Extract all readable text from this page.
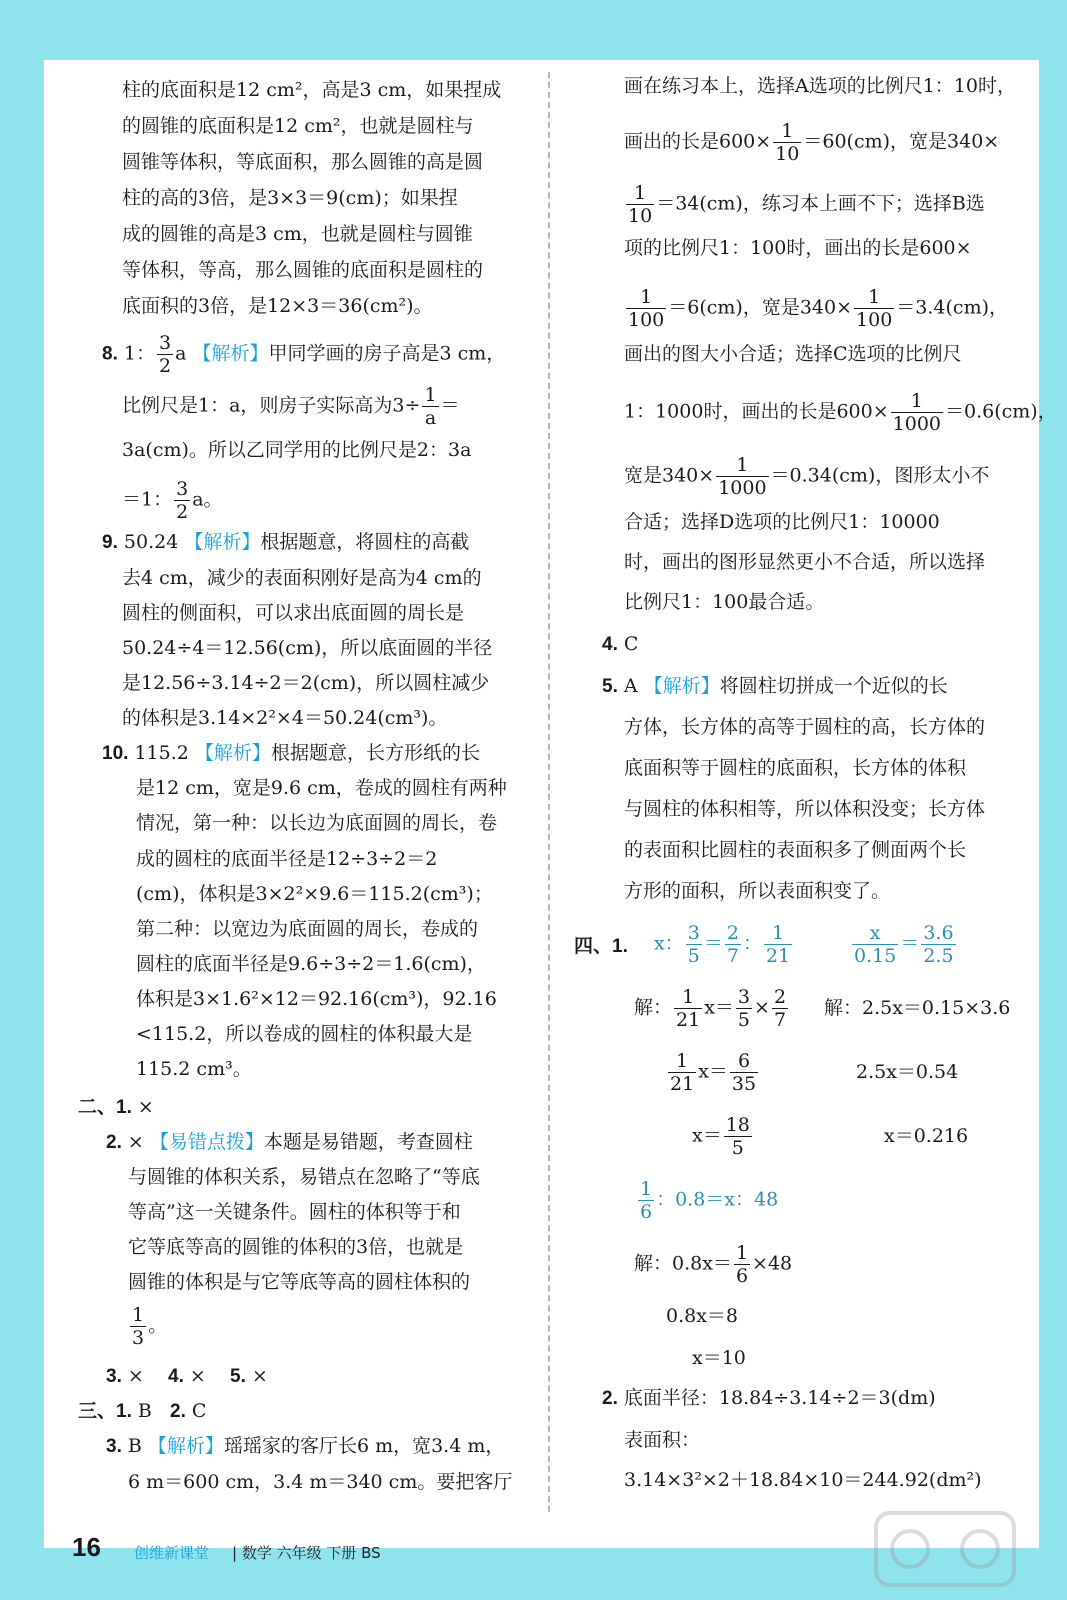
柱的底面积是12 cm²，高是3 cm，如果捏成
的圆锥的底面积是12 cm²，也就是圆柱与
圆锥等体积，等底面积，那么圆锥的高是圆
柱的高的3倍，是3×3＝9(cm)；如果捏
成的圆锥的高是3 cm，也就是圆柱与圆锥
等体积，等高，那么圆锥的底面积是圆柱的
底面积的3倍，是12×3＝36(cm²)。
8. 1： $\frac{3}{2}$ a 【解析】甲同学画的房子高是3 cm，
比例尺是1：a，则房子实际高为$3\div \frac{1}{a}$ ＝
3a(cm)。所以乙同学用的比例尺是2：3a
＝1： $\frac{3}{2}$ a。
9. 50.24 【解析】根据题意，将圆柱的高截
去4 cm，减少的表面积刚好是高为4 cm的
圆柱的侧面积，可以求出底面圆的周长是
50.24÷4＝12.56(cm)，所以底面圆的半径
是12.56÷3.14÷2＝2(cm)，所以圆柱减少
的体积是3.14×2²×4＝50.24(cm³)。
10. 115.2 【解析】根据题意，长方形纸的长
是12 cm，宽是9.6 cm，卷成的圆柱有两种
情况，第一种：以长边为底面圆的周长，卷
成的圆柱的底面半径是12÷3÷2＝2
(cm)，体积是3×2²×9.6＝115.2(cm³)；
第二种：以宽边为底面圆的周长，卷成的
圆柱的底面半径是9.6÷3÷2＝1.6(cm)，
体积是3×1.6²×12＝92.16(cm³)，92.16
<115.2，所以卷成的圆柱的体积最大是
115.2 cm³。
二、1. ×
2. × 【易错点拨】本题是易错题，考查圆柱
与圆锥的体积关系，易错点在忽略了“等底
等高”这一关键条件。圆柱的体积等于和
它等底等高的圆锥的体积的3倍，也就是
圆锥的体积是与它等底等高的圆柱体积的
$\frac{1}{3}$ 。
3. × 4. × 5. ×
三、1. B 2. C
3. B 【解析】瑶瑶家的客厅长6 m，宽3.4 m，
6 m＝600 cm，3.4 m＝340 cm。要把客厅
画在练习本上，选择A选项的比例尺1：10时，
画出的长是$600\times \frac{1}{10} =60(cm)$，宽是340×
$\frac{1}{10} =34(cm)$，练习本上画不下；选择B选
项的比例尺1：100时，画出的长是600×
$\frac{1}{100} =6(cm)$，宽是$340\times \frac{1}{100} =3.4(cm)$，
画出的图大小合适；选择C选项的比例尺
1：1000时，画出的长是$600\times \frac{1}{1000} =0.6(cm)$，
宽是$340\times \frac{1}{1000} =0.34(cm)$，图形太小不
合适；选择D选项的比例尺1：10000
时，画出的图形显然更小不合适，所以选择
比例尺1：100最合适。
4. C
5. A 【解析】将圆柱切拼成一个近似的长
方体，长方体的高等于圆柱的高，长方体的
底面积等于圆柱的底面积，长方体的体积
与圆柱的体积相等，所以体积没变；长方体
的表面积比圆柱的表面积多了侧面两个长
方形的面积，所以表面积变了。
四、1. x： $\frac{3}{5} = \frac{2}{7}$ ： $\frac{1}{21}$	$\frac{x}{0.15} = \frac{3.6}{2.5}$
解： $\frac{1}{21} x= \frac{3}{5} \times \frac{2}{7}$ 解：2.5x＝0.15×3.6
$\frac{1}{21} x= \frac{6}{35}$	2.5x＝0.54
$x= \frac{18}{5}$	x＝0.216
$\frac{1}{6}$ ：0.8＝x：48
解：$0.8x= \frac{1}{6} \times 48$
0.8x＝8
x＝10
2. 底面半径：18.84÷3.14÷2＝3(dm)
表面积：
3.14×3²×2＋18.84×10＝244.92(dm²)
16 创维新课堂 | 数学 六年级 下册 BS
